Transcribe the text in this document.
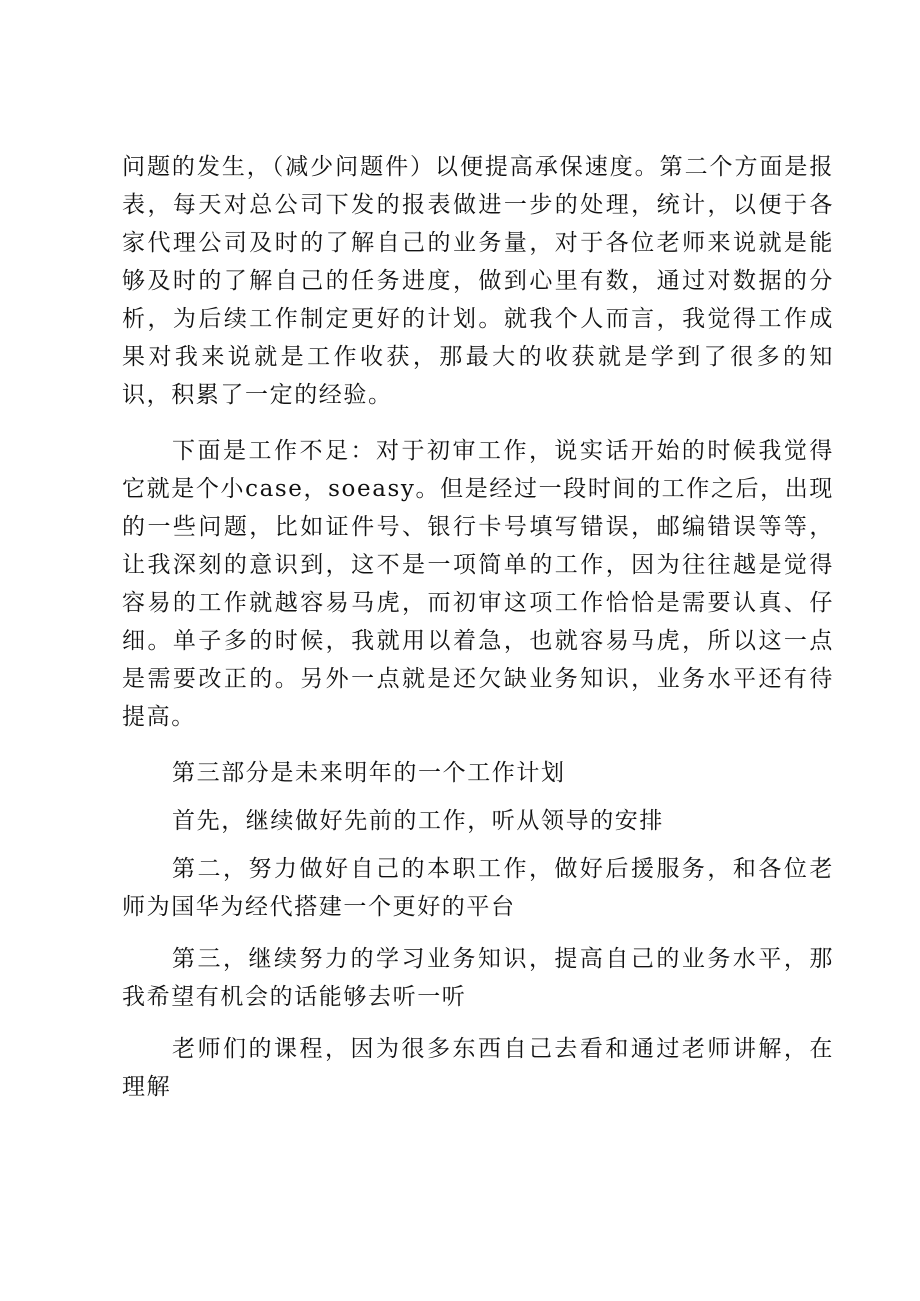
问题的发生，（减少问题件）以便提高承保速度。第二个方面是报表，每天对总公司下发的报表做进一步的处理，统计，以便于各家代理公司及时的了解自己的业务量，对于各位老师来说就是能够及时的了解自己的任务进度，做到心里有数，通过对数据的分析，为后续工作制定更好的计划。就我个人而言，我觉得工作成果对我来说就是工作收获，那最大的收获就是学到了很多的知识，积累了一定的经验。

下面是工作不足：对于初审工作，说实话开始的时候我觉得它就是个小case，soeasy。但是经过一段时间的工作之后，出现的一些问题，比如证件号、银行卡号填写错误，邮编错误等等，让我深刻的意识到，这不是一项简单的工作，因为往往越是觉得容易的工作就越容易马虎，而初审这项工作恰恰是需要认真、仔细。单子多的时候，我就用以着急，也就容易马虎，所以这一点是需要改正的。另外一点就是还欠缺业务知识，业务水平还有待提高。

第三部分是未来明年的一个工作计划

首先，继续做好先前的工作，听从领导的安排

第二，努力做好自己的本职工作，做好后援服务，和各位老师为国华为经代搭建一个更好的平台

第三，继续努力的学习业务知识，提高自己的业务水平，那我希望有机会的话能够去听一听

老师们的课程，因为很多东西自己去看和通过老师讲解，在理解
